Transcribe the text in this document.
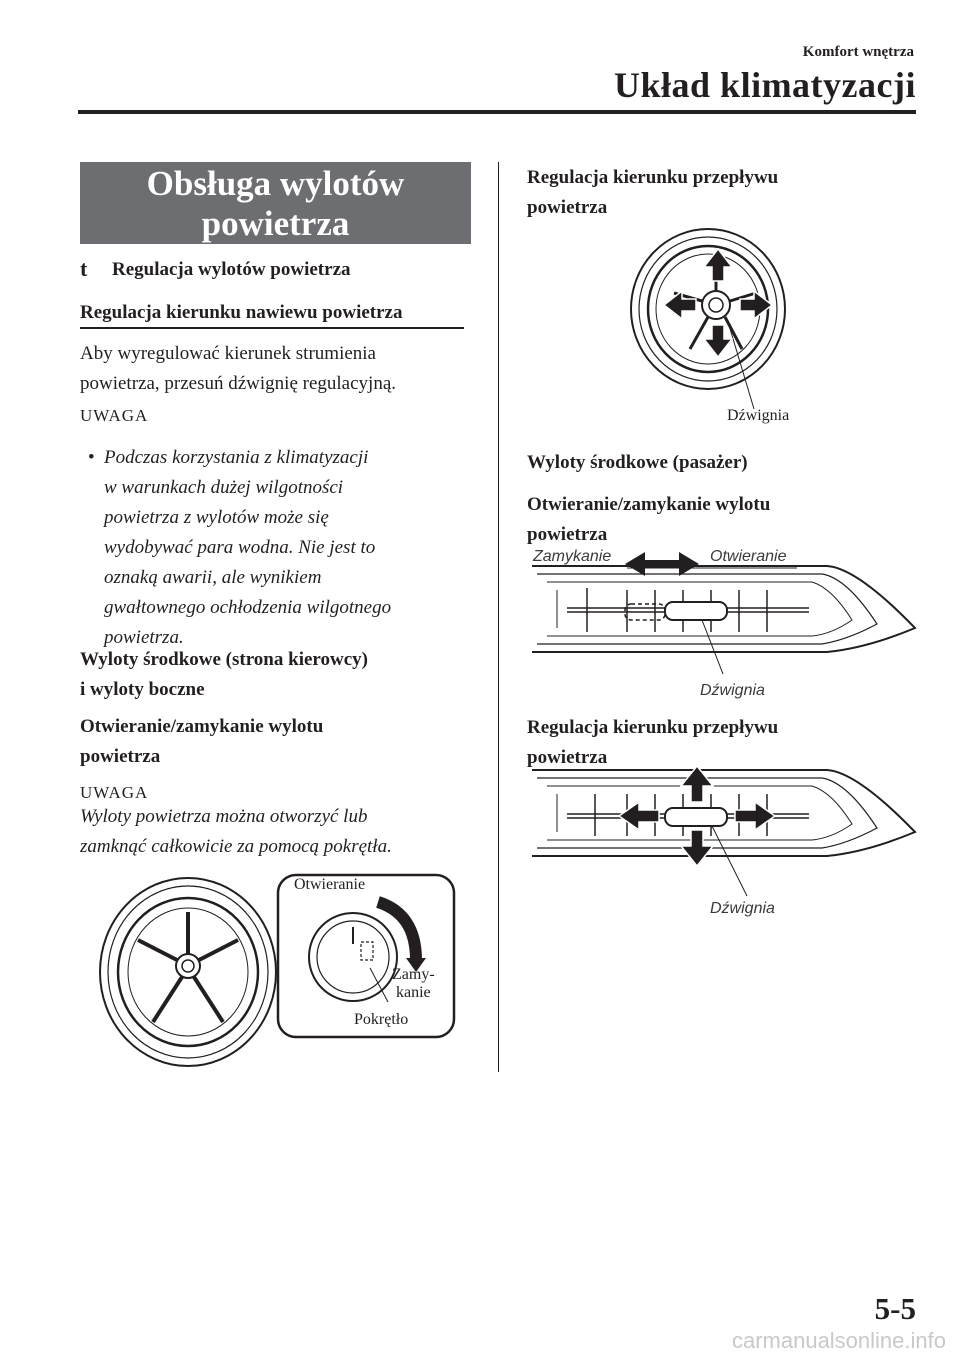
Komfort wnętrza
Układ klimatyzacji
Obsługa wylotów
powietrza
t Regulacja wylotów powietrza
Regulacja kierunku nawiewu powietrza
Aby wyregulować kierunek strumienia
powietrza, przesuń dźwignię regulacyjną.
UWAGA
• Podczas korzystania z klimatyzacji
w warunkach dużej wilgotności
powietrza z wylotów może się
wydobywać para wodna. Nie jest to
oznaką awarii, ale wynikiem
gwałtownego ochłodzenia wilgotnego
powietrza.
Wyloty środkowe (strona kierowcy)
i wyloty boczne
Otwieranie/zamykanie wylotu
powietrza
UWAGA
Wyloty powietrza można otworzyć lub
zamknąć całkowicie za pomocą pokrętła.
Otwieranie
Zamy-
kanie
Pokrętło
Regulacja kierunku przepływu
powietrza
Dźwignia
Wyloty środkowe (pasażer)
Otwieranie/zamykanie wylotu
powietrza
Zamykanie	Otwieranie
Dźwignia
Regulacja kierunku przepływu
powietrza
Dźwignia
5-5
carmanualsonline.info
